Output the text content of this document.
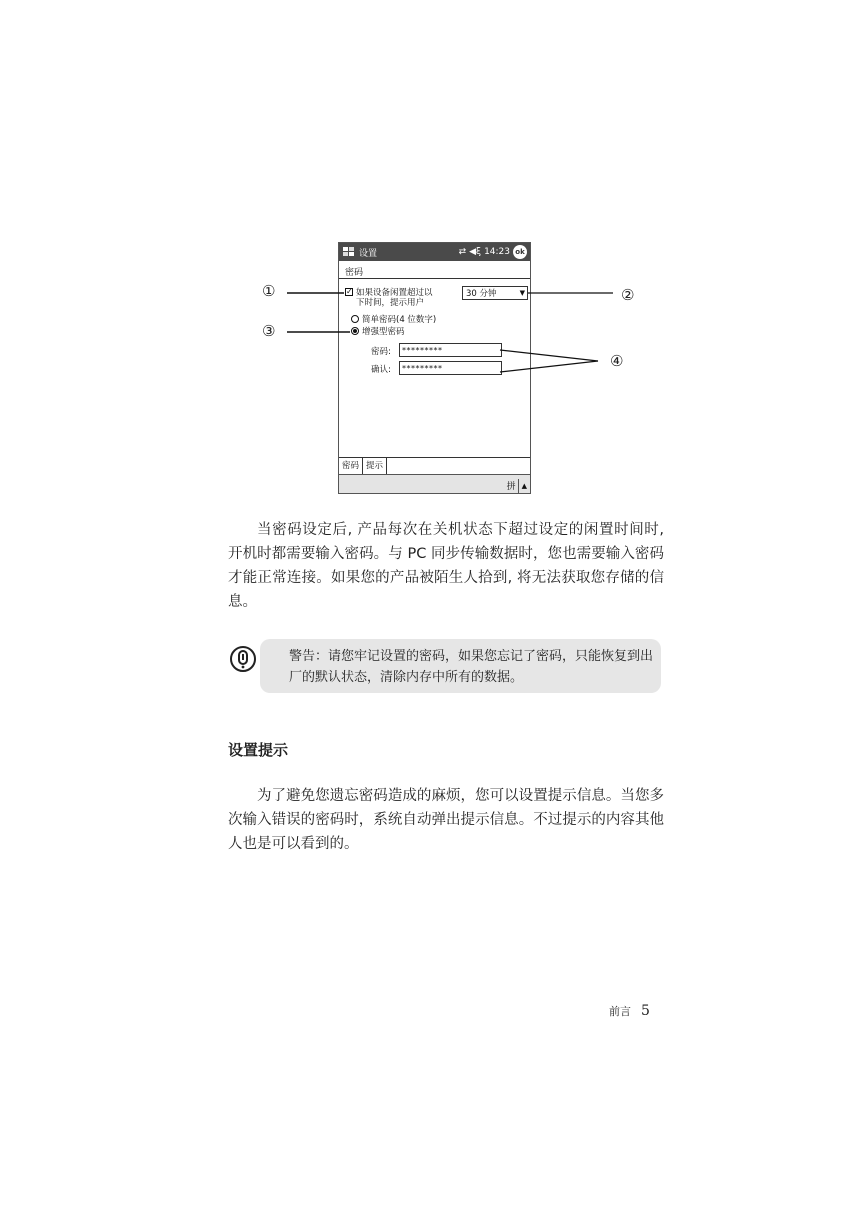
设置	⇄ ◀ξ 14:23 ok
密码
✓ 如果设备闲置超过以
下时间，提示用户
30 分钟	▼
简单密码(4 位数字)
增强型密码
密码:	*********
确认:	*********
密码 提示
拼 ▲
①	②
③
④

当密码设定后, 产品每次在关机状态下超过设定的闲置时间时, 开机时都需要输入密码。与 PC 同步传输数据时，您也需要输入密码才能正常连接。如果您的产品被陌生人拾到, 将无法获取您存储的信息。

警告：请您牢记设置的密码，如果您忘记了密码，只能恢复到出厂的默认状态，清除内存中所有的数据。
设置提示

为了避免您遗忘密码造成的麻烦，您可以设置提示信息。当您多次输入错误的密码时，系统自动弹出提示信息。不过提示的内容其他人也是可以看到的。

前言 5
